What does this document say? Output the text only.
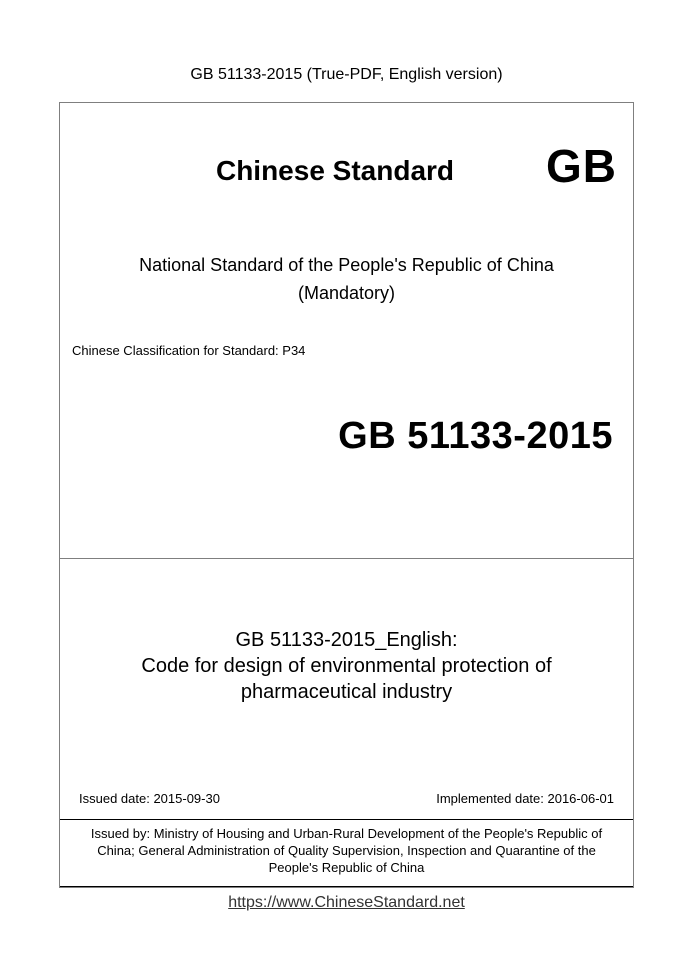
GB 51133-2015 (True-PDF, English version)
Chinese Standard	GB
National Standard of the People's Republic of China
(Mandatory)
Chinese Classification for Standard: P34
GB 51133-2015
GB 51133-2015_English:
Code for design of environmental protection of
pharmaceutical industry
Issued date: 2015-09-30	Implemented date: 2016-06-01
Issued by: Ministry of Housing and Urban-Rural Development of the People's Republic of
China; General Administration of Quality Supervision, Inspection and Quarantine of the
People's Republic of China
https://www.ChineseStandard.net
